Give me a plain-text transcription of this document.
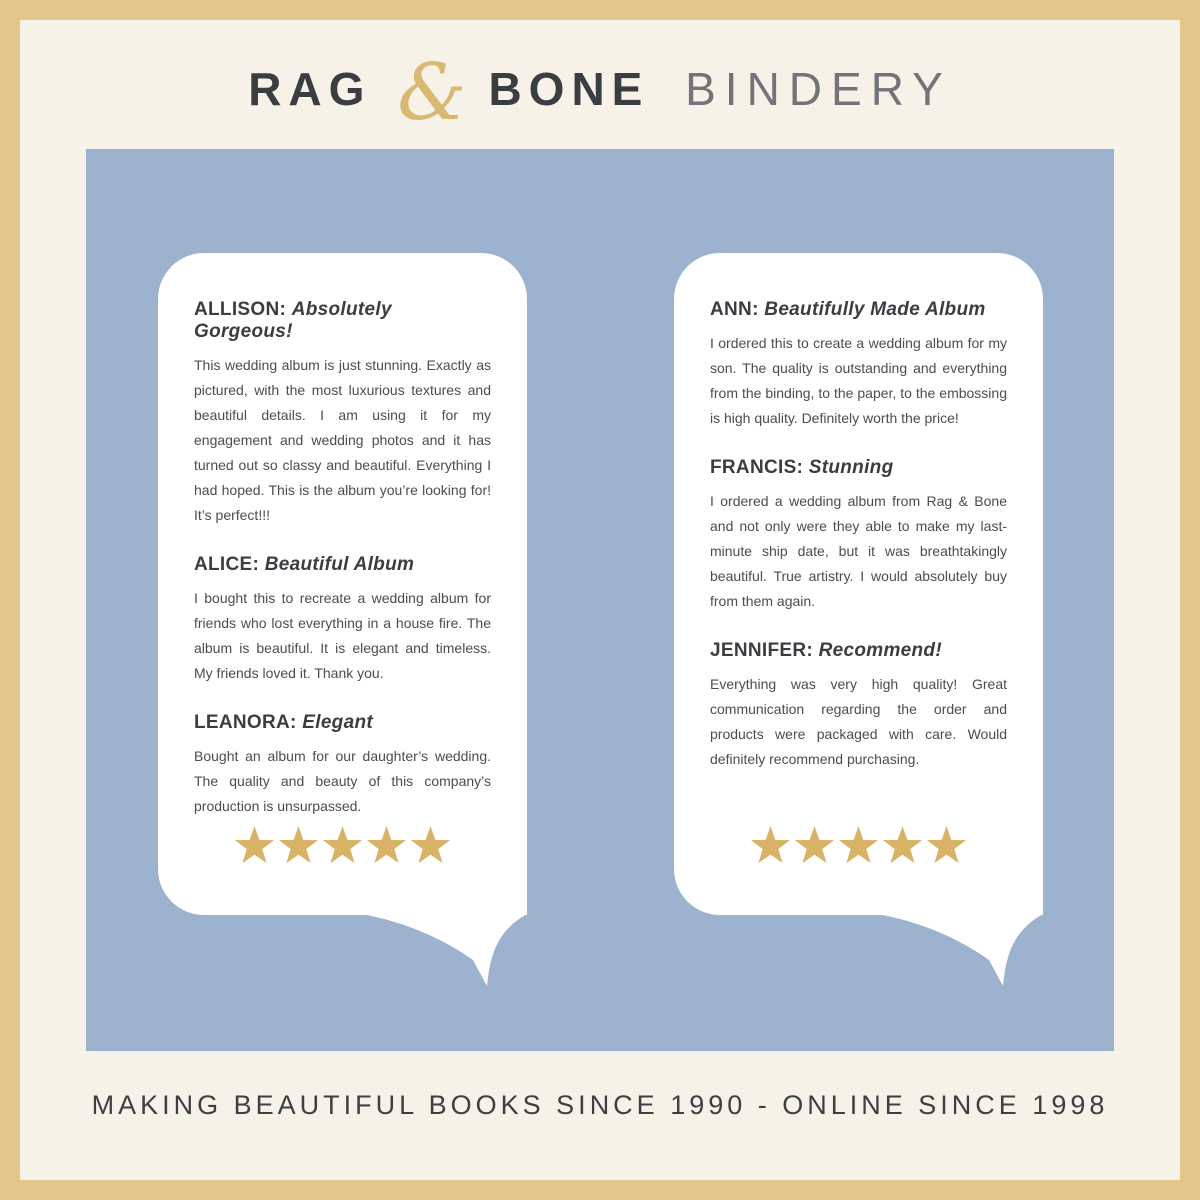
RAG & BONE BINDERY
ALLISON: Absolutely Gorgeous!

This wedding album is just stunning. Exactly as pictured, with the most luxurious textures and beautiful details. I am using it for my engagement and wedding photos and it has turned out so classy and beautiful. Everything I had hoped. This is the album you’re looking for! It’s perfect!!!

ALICE: Beautiful Album

I bought this to recreate a wedding album for friends who lost everything in a house fire. The album is beautiful. It is elegant and timeless. My friends loved it. Thank you.

LEANORA: Elegant

Bought an album for our daughter’s wedding. The quality and beauty of this company’s production is unsurpassed.

ANN: Beautifully Made Album

I ordered this to create a wedding album for my son. The quality is outstanding and everything from the binding, to the paper, to the embossing is high quality. Definitely worth the price!

FRANCIS: Stunning

I ordered a wedding album from Rag & Bone and not only were they able to make my last-minute ship date, but it was breathtakingly beautiful. True artistry. I would absolutely buy from them again.

JENNIFER: Recommend!

Everything was very high quality! Great communication regarding the order and products were packaged with care. Would definitely recommend purchasing.

MAKING BEAUTIFUL BOOKS SINCE 1990 - ONLINE SINCE 1998
